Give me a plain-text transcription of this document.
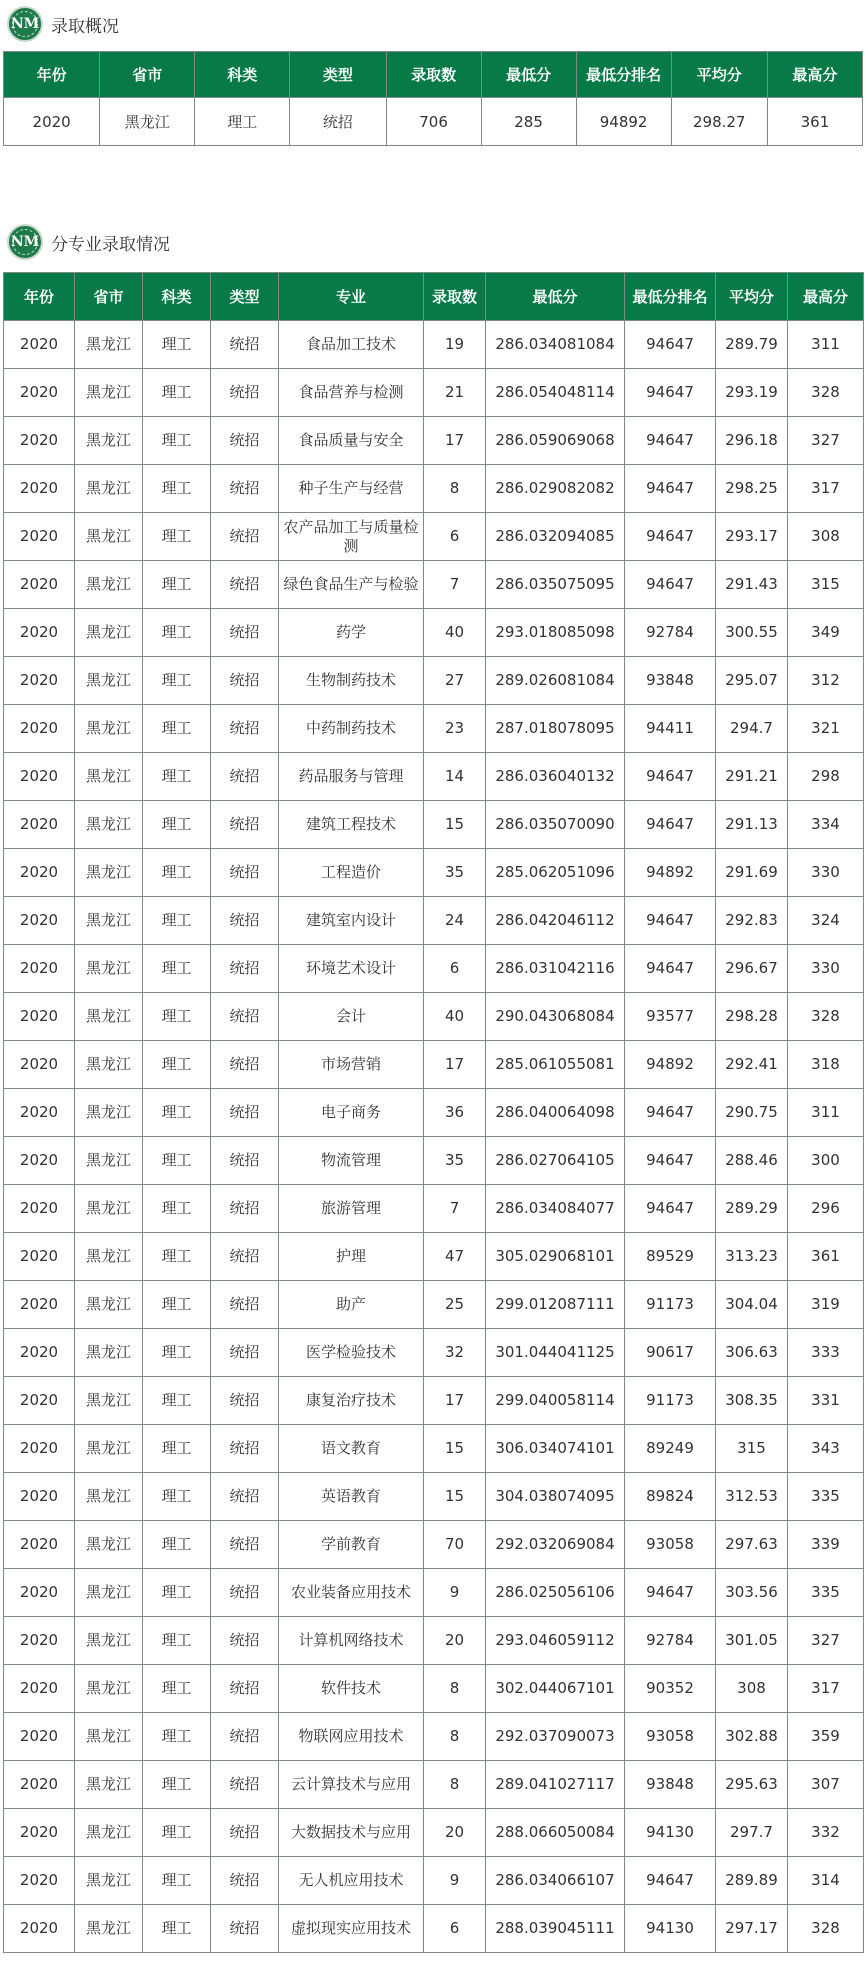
NM 录取概况
年份	省市	科类	类型	录取数	最低分	最低分排名	平均分	最高分
2020	黑龙江	理工	统招	706	285	94892	298.27	361
NM 分专业录取情况
年份	省市	科类	类型	专业	录取数	最低分	最低分排名	平均分	最高分
2020	黑龙江	理工	统招	食品加工技术	19	286.034081084	94647	289.79	311
2020	黑龙江	理工	统招	食品营养与检测	21	286.054048114	94647	293.19	328
2020	黑龙江	理工	统招	食品质量与安全	17	286.059069068	94647	296.18	327
2020	黑龙江	理工	统招	种子生产与经营	8	286.029082082	94647	298.25	317
2020	黑龙江	理工	统招	农产品加工与质量检测	6	286.032094085	94647	293.17	308
2020	黑龙江	理工	统招	绿色食品生产与检验	7	286.035075095	94647	291.43	315
2020	黑龙江	理工	统招	药学	40	293.018085098	92784	300.55	349
2020	黑龙江	理工	统招	生物制药技术	27	289.026081084	93848	295.07	312
2020	黑龙江	理工	统招	中药制药技术	23	287.018078095	94411	294.7	321
2020	黑龙江	理工	统招	药品服务与管理	14	286.036040132	94647	291.21	298
2020	黑龙江	理工	统招	建筑工程技术	15	286.035070090	94647	291.13	334
2020	黑龙江	理工	统招	工程造价	35	285.062051096	94892	291.69	330
2020	黑龙江	理工	统招	建筑室内设计	24	286.042046112	94647	292.83	324
2020	黑龙江	理工	统招	环境艺术设计	6	286.031042116	94647	296.67	330
2020	黑龙江	理工	统招	会计	40	290.043068084	93577	298.28	328
2020	黑龙江	理工	统招	市场营销	17	285.061055081	94892	292.41	318
2020	黑龙江	理工	统招	电子商务	36	286.040064098	94647	290.75	311
2020	黑龙江	理工	统招	物流管理	35	286.027064105	94647	288.46	300
2020	黑龙江	理工	统招	旅游管理	7	286.034084077	94647	289.29	296
2020	黑龙江	理工	统招	护理	47	305.029068101	89529	313.23	361
2020	黑龙江	理工	统招	助产	25	299.012087111	91173	304.04	319
2020	黑龙江	理工	统招	医学检验技术	32	301.044041125	90617	306.63	333
2020	黑龙江	理工	统招	康复治疗技术	17	299.040058114	91173	308.35	331
2020	黑龙江	理工	统招	语文教育	15	306.034074101	89249	315	343
2020	黑龙江	理工	统招	英语教育	15	304.038074095	89824	312.53	335
2020	黑龙江	理工	统招	学前教育	70	292.032069084	93058	297.63	339
2020	黑龙江	理工	统招	农业装备应用技术	9	286.025056106	94647	303.56	335
2020	黑龙江	理工	统招	计算机网络技术	20	293.046059112	92784	301.05	327
2020	黑龙江	理工	统招	软件技术	8	302.044067101	90352	308	317
2020	黑龙江	理工	统招	物联网应用技术	8	292.037090073	93058	302.88	359
2020	黑龙江	理工	统招	云计算技术与应用	8	289.041027117	93848	295.63	307
2020	黑龙江	理工	统招	大数据技术与应用	20	288.066050084	94130	297.7	332
2020	黑龙江	理工	统招	无人机应用技术	9	286.034066107	94647	289.89	314
2020	黑龙江	理工	统招	虚拟现实应用技术	6	288.039045111	94130	297.17	328
